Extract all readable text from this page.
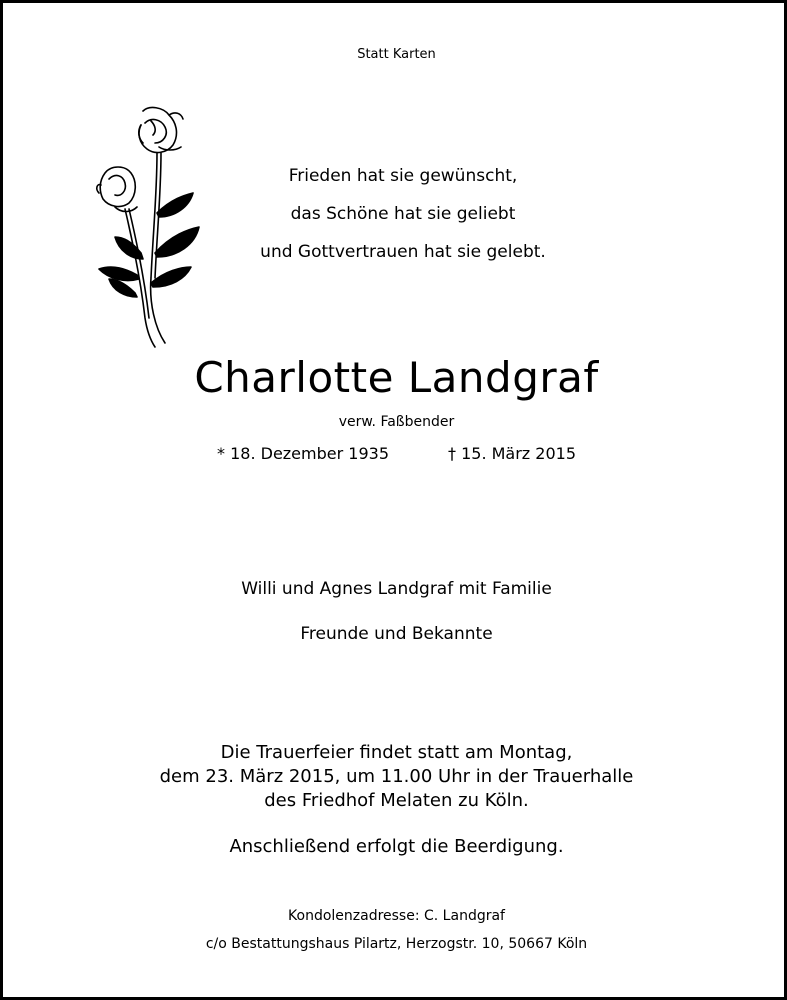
Statt Karten
Frieden hat sie gewünscht,
das Schöne hat sie geliebt
und Gottvertrauen hat sie gelebt.
Charlotte Landgraf
verw. Faßbender
* 18. Dezember 1935	† 15. März 2015
Willi und Agnes Landgraf mit Familie
Freunde und Bekannte
Die Trauerfeier findet statt am Montag,
dem 23. März 2015, um 11.00 Uhr in der Trauerhalle
des Friedhof Melaten zu Köln.
Anschließend erfolgt die Beerdigung.
Kondolenzadresse: C. Landgraf
c/o Bestattungshaus Pilartz, Herzogstr. 10, 50667 Köln
